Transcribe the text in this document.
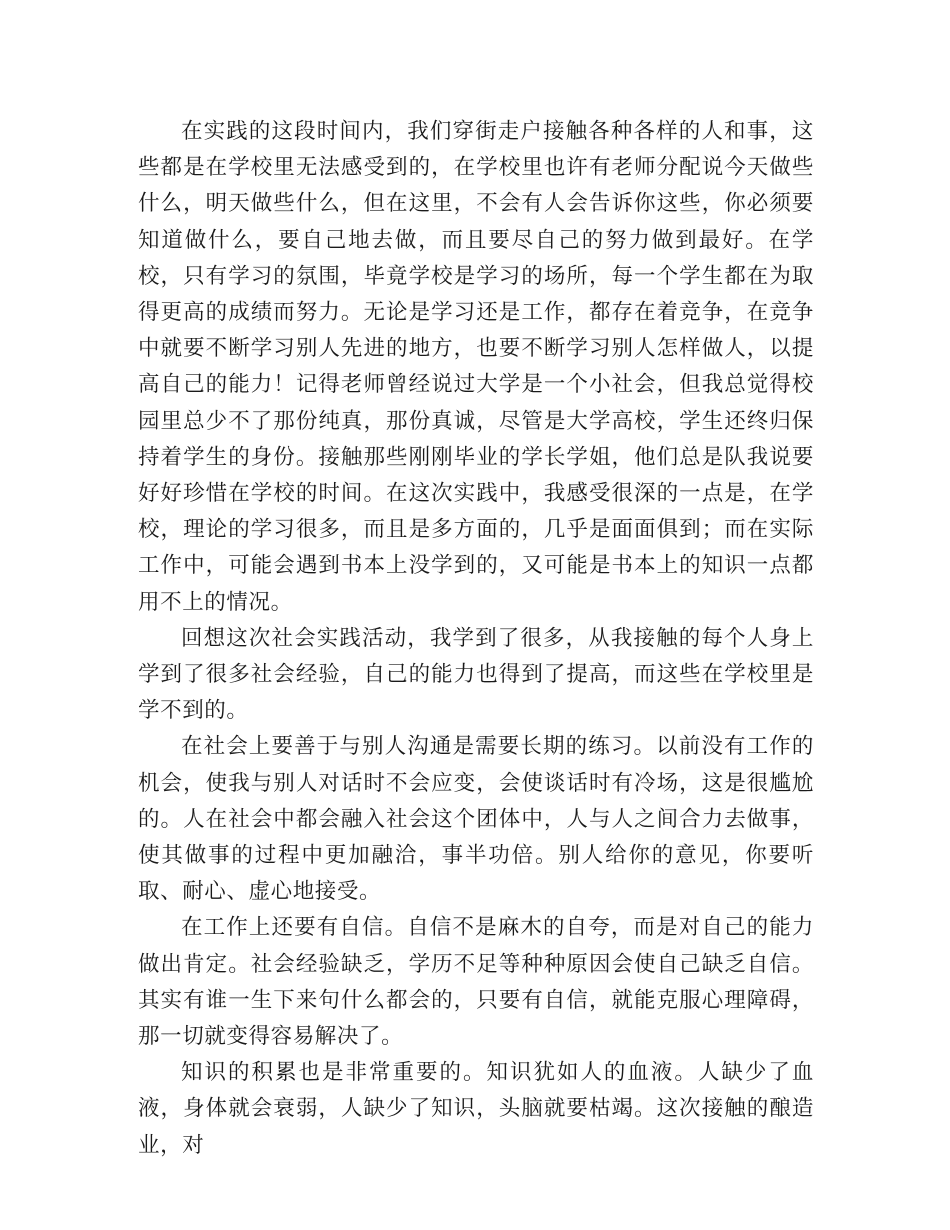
在实践的这段时间内，我们穿街走户接触各种各样的人和事，这些都是在学校里无法感受到的，在学校里也许有老师分配说今天做些什么，明天做些什么，但在这里，不会有人会告诉你这些，你必须要知道做什么，要自己地去做，而且要尽自己的努力做到最好。在学校，只有学习的氛围，毕竟学校是学习的场所，每一个学生都在为取得更高的成绩而努力。无论是学习还是工作，都存在着竞争，在竞争中就要不断学习别人先进的地方，也要不断学习别人怎样做人，以提高自己的能力！记得老师曾经说过大学是一个小社会，但我总觉得校园里总少不了那份纯真，那份真诚，尽管是大学高校，学生还终归保持着学生的身份。接触那些刚刚毕业的学长学姐，他们总是队我说要好好珍惜在学校的时间。在这次实践中，我感受很深的一点是，在学校，理论的学习很多，而且是多方面的，几乎是面面俱到；而在实际工作中，可能会遇到书本上没学到的，又可能是书本上的知识一点都用不上的情况。

回想这次社会实践活动，我学到了很多，从我接触的每个人身上学到了很多社会经验，自己的能力也得到了提高，而这些在学校里是学不到的。

在社会上要善于与别人沟通是需要长期的练习。以前没有工作的机会，使我与别人对话时不会应变，会使谈话时有冷场，这是很尴尬的。人在社会中都会融入社会这个团体中，人与人之间合力去做事，使其做事的过程中更加融洽，事半功倍。别人给你的意见，你要听取、耐心、虚心地接受。

在工作上还要有自信。自信不是麻木的自夸，而是对自己的能力做出肯定。社会经验缺乏，学历不足等种种原因会使自己缺乏自信。其实有谁一生下来句什么都会的，只要有自信，就能克服心理障碍，那一切就变得容易解决了。

知识的积累也是非常重要的。知识犹如人的血液。人缺少了血液，身体就会衰弱，人缺少了知识，头脑就要枯竭。这次接触的酿造业，对
